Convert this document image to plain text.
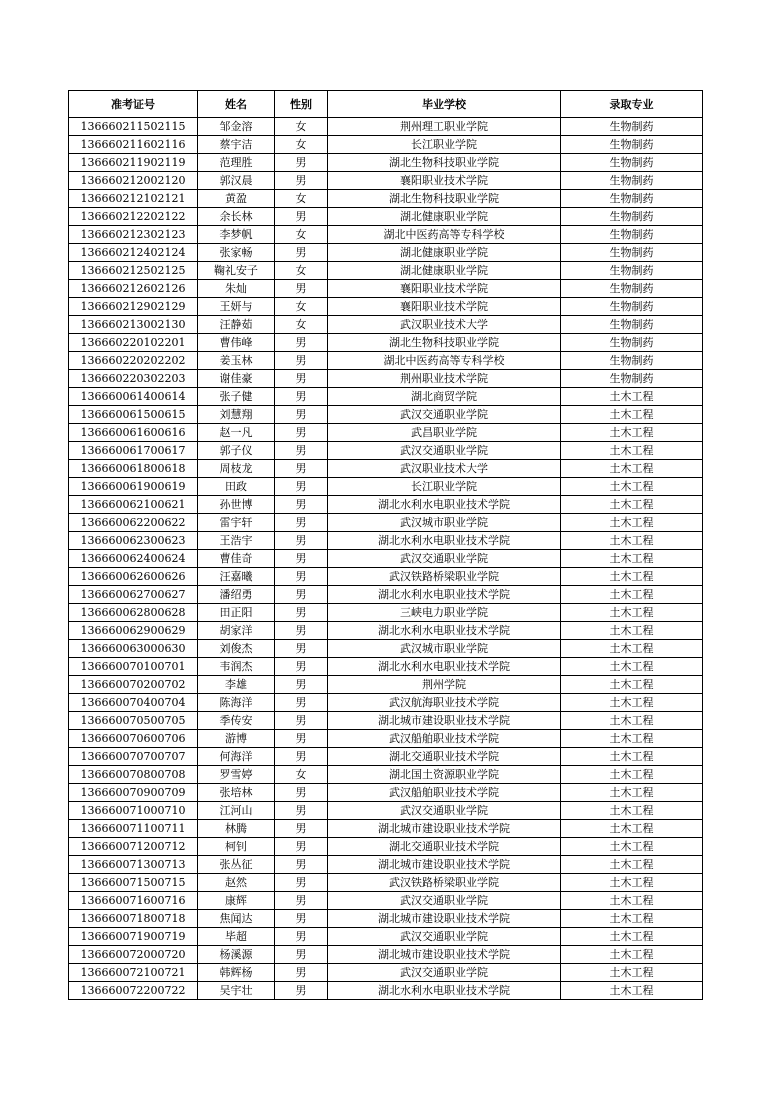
准考证号	姓名	性别	毕业学校	录取专业
136660211502115	邹金溶	女	荆州理工职业学院	生物制药
136660211602116	蔡宇洁	女	长江职业学院	生物制药
136660211902119	范理胜	男	湖北生物科技职业学院	生物制药
136660212002120	郭汉晨	男	襄阳职业技术学院	生物制药
136660212102121	黄盈	女	湖北生物科技职业学院	生物制药
136660212202122	余长林	男	湖北健康职业学院	生物制药
136660212302123	李梦帆	女	湖北中医药高等专科学校	生物制药
136660212402124	张家畅	男	湖北健康职业学院	生物制药
136660212502125	鞠礼安子	女	湖北健康职业学院	生物制药
136660212602126	朱灿	男	襄阳职业技术学院	生物制药
136660212902129	王妍与	女	襄阳职业技术学院	生物制药
136660213002130	汪静茹	女	武汉职业技术大学	生物制药
136660220102201	曹伟峰	男	湖北生物科技职业学院	生物制药
136660220202202	姜玉林	男	湖北中医药高等专科学校	生物制药
136660220302203	谢佳豪	男	荆州职业技术学院	生物制药
136660061400614	张子健	男	湖北商贸学院	土木工程
136660061500615	刘慧翔	男	武汉交通职业学院	土木工程
136660061600616	赵一凡	男	武昌职业学院	土木工程
136660061700617	郭子仪	男	武汉交通职业学院	土木工程
136660061800618	周枝龙	男	武汉职业技术大学	土木工程
136660061900619	田政	男	长江职业学院	土木工程
136660062100621	孙世博	男	湖北水利水电职业技术学院	土木工程
136660062200622	雷宇轩	男	武汉城市职业学院	土木工程
136660062300623	王浩宇	男	湖北水利水电职业技术学院	土木工程
136660062400624	曹佳奇	男	武汉交通职业学院	土木工程
136660062600626	汪嘉曦	男	武汉铁路桥梁职业学院	土木工程
136660062700627	潘绍勇	男	湖北水利水电职业技术学院	土木工程
136660062800628	田正阳	男	三峡电力职业学院	土木工程
136660062900629	胡家洋	男	湖北水利水电职业技术学院	土木工程
136660063000630	刘俊杰	男	武汉城市职业学院	土木工程
136660070100701	韦润杰	男	湖北水利水电职业技术学院	土木工程
136660070200702	李雄	男	荆州学院	土木工程
136660070400704	陈海洋	男	武汉航海职业技术学院	土木工程
136660070500705	季传安	男	湖北城市建设职业技术学院	土木工程
136660070600706	游博	男	武汉船舶职业技术学院	土木工程
136660070700707	何海洋	男	湖北交通职业技术学院	土木工程
136660070800708	罗雪婷	女	湖北国土资源职业学院	土木工程
136660070900709	张培林	男	武汉船舶职业技术学院	土木工程
136660071000710	江河山	男	武汉交通职业学院	土木工程
136660071100711	林腾	男	湖北城市建设职业技术学院	土木工程
136660071200712	柯钊	男	湖北交通职业技术学院	土木工程
136660071300713	张丛征	男	湖北城市建设职业技术学院	土木工程
136660071500715	赵然	男	武汉铁路桥梁职业学院	土木工程
136660071600716	康辉	男	武汉交通职业学院	土木工程
136660071800718	焦闻达	男	湖北城市建设职业技术学院	土木工程
136660071900719	毕超	男	武汉交通职业学院	土木工程
136660072000720	杨溪源	男	湖北城市建设职业技术学院	土木工程
136660072100721	韩辉杨	男	武汉交通职业学院	土木工程
136660072200722	吴宇壮	男	湖北水利水电职业技术学院	土木工程
